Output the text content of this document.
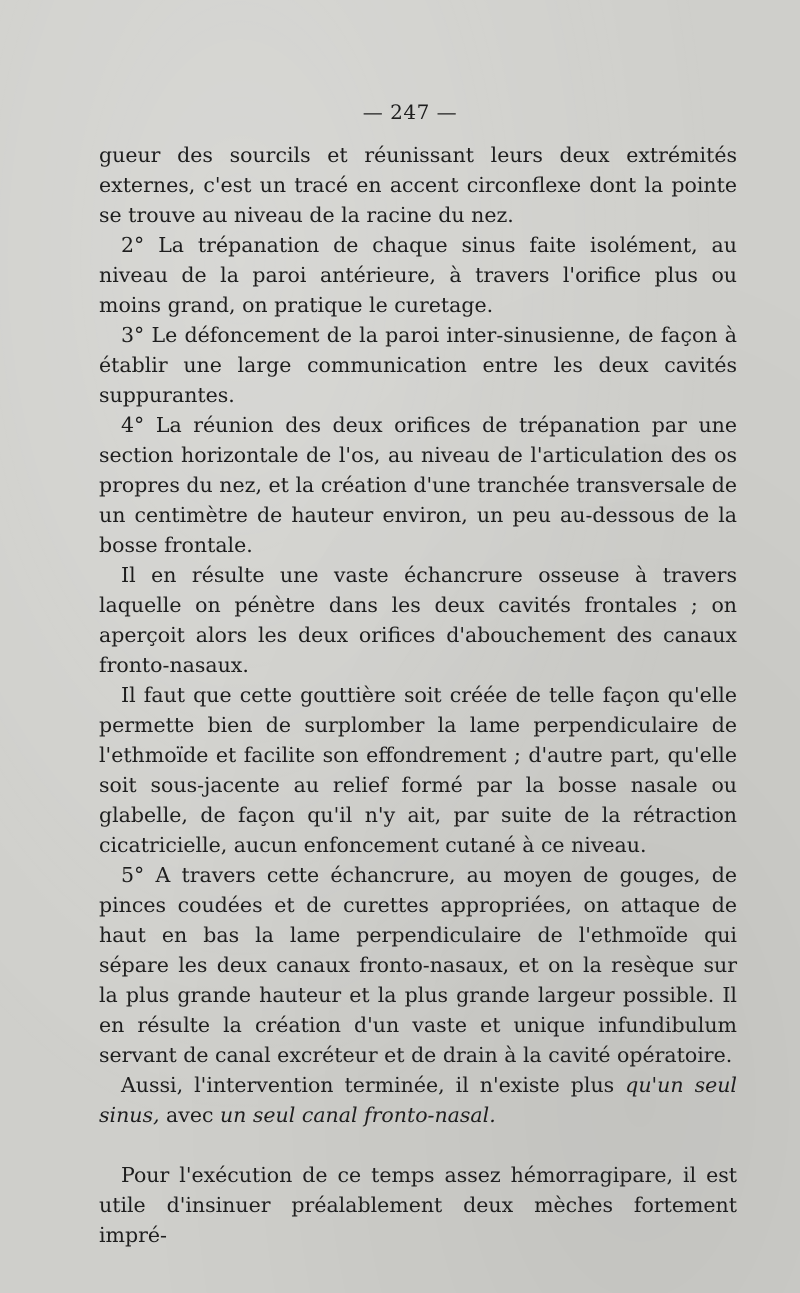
— 247 —

gueur des sourcils et réunissant leurs deux extrémités externes, c'est un tracé en accent circonflexe dont la pointe se trouve au niveau de la racine du nez.

2° La trépanation de chaque sinus faite isolément, au niveau de la paroi antérieure, à travers l'orifice plus ou moins grand, on pratique le curetage.

3° Le défoncement de la paroi inter-sinusienne, de façon à établir une large communication entre les deux cavités suppurantes.

4° La réunion des deux orifices de trépanation par une section horizontale de l'os, au niveau de l'articulation des os propres du nez, et la création d'une tranchée transversale de un centimètre de hauteur environ, un peu au-dessous de la bosse frontale.

Il en résulte une vaste échancrure osseuse à travers laquelle on pénètre dans les deux cavités frontales ; on aperçoit alors les deux orifices d'abouchement des canaux fronto-nasaux.

Il faut que cette gouttière soit créée de telle façon qu'elle permette bien de surplomber la lame perpendiculaire de l'ethmoïde et facilite son effondrement ; d'autre part, qu'elle soit sous-jacente au relief formé par la bosse nasale ou glabelle, de façon qu'il n'y ait, par suite de la rétraction cicatricielle, aucun enfoncement cutané à ce niveau.

5° A travers cette échancrure, au moyen de gouges, de pinces coudées et de curettes appropriées, on attaque de haut en bas la lame perpendiculaire de l'ethmoïde qui sépare les deux canaux fronto-nasaux, et on la resèque sur la plus grande hauteur et la plus grande largeur possible. Il en résulte la création d'un vaste et unique infundibulum servant de canal excréteur et de drain à la cavité opératoire.

Aussi, l'intervention terminée, il n'existe plus qu'un seul sinus, avec un seul canal fronto-nasal.

Pour l'exécution de ce temps assez hémorragipare, il est utile d'insinuer préalablement deux mèches fortement impré-
